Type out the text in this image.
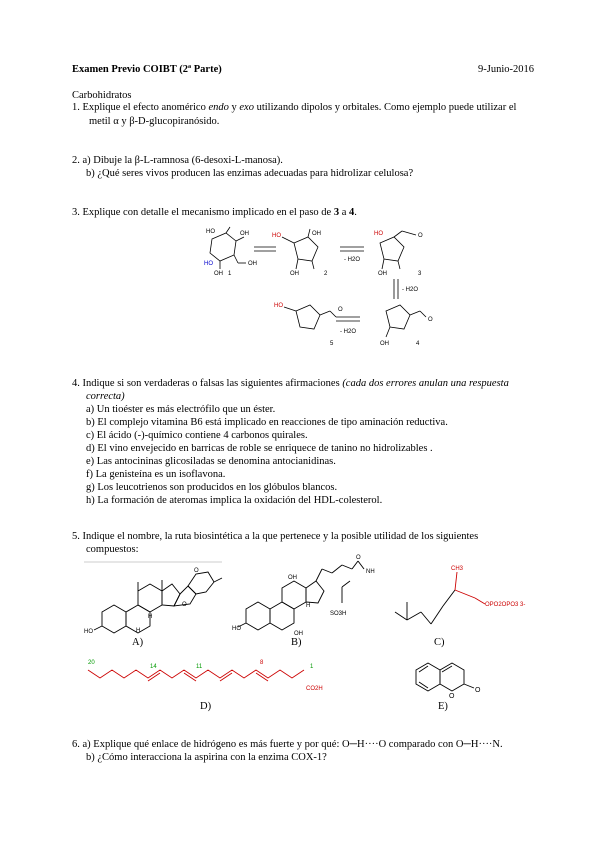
Examen Previo COIBT (2ª Parte)	9-Junio-2016
Carbohidratos
1. Explique el efecto anomérico endo y exo utilizando dipolos y orbitales. Como ejemplo puede utilizar el
metil α y β-D-glucopiranósido.
2. a) Dibuje la β-L-ramnosa (6-desoxi-L-manosa).
b) ¿Qué seres vivos producen las enzimas adecuadas para hidrolizar celulosa?
3. Explique con detalle el mecanismo implicado en el paso de 3 a 4.
HO	OH
HO
OH
OH
1
HO	OH
OH	2
- H2O
HO	O
OH	3
- H2O
O
OH	4
- H2O
HO
O
5
4. Indique si son verdaderas o falsas las siguientes afirmaciones (cada dos errores anulan una respuesta
correcta)
a) Un tioéster es más electrófilo que un éster.
b) El complejo vitamina B6 está implicado en reacciones de tipo aminación reductiva.
c) El ácido (-)-químico contiene 4 carbonos quirales.
d) El vino envejecido en barricas de roble se enriquece de tanino no hidrolizables .
e) Las antocininas glicosiladas se denomina antocianidinas.
f) La genisteína es un isoflavona.
g) Los leucotrienos son producidos en los glóbulos blancos.
h) La formación de ateromas implica la oxidación del HDL-colesterol.
5. Indique el nombre, la ruta biosintética a la que pertenece y la posible utilidad de los siguientes
compuestos:
HO
H
H
O
O
A)
HO
OH
OH
O
NH
SO3H
H
B)
CH3
OPO2OPO3 3-
C)
20
14	11
8
1
CO2H
D)
O
O
E)
6. a) Explique qué enlace de hidrógeno es más fuerte y por qué: O─H····O comparado con O─H····N.
b) ¿Cómo interacciona la aspirina con la enzima COX-1?
